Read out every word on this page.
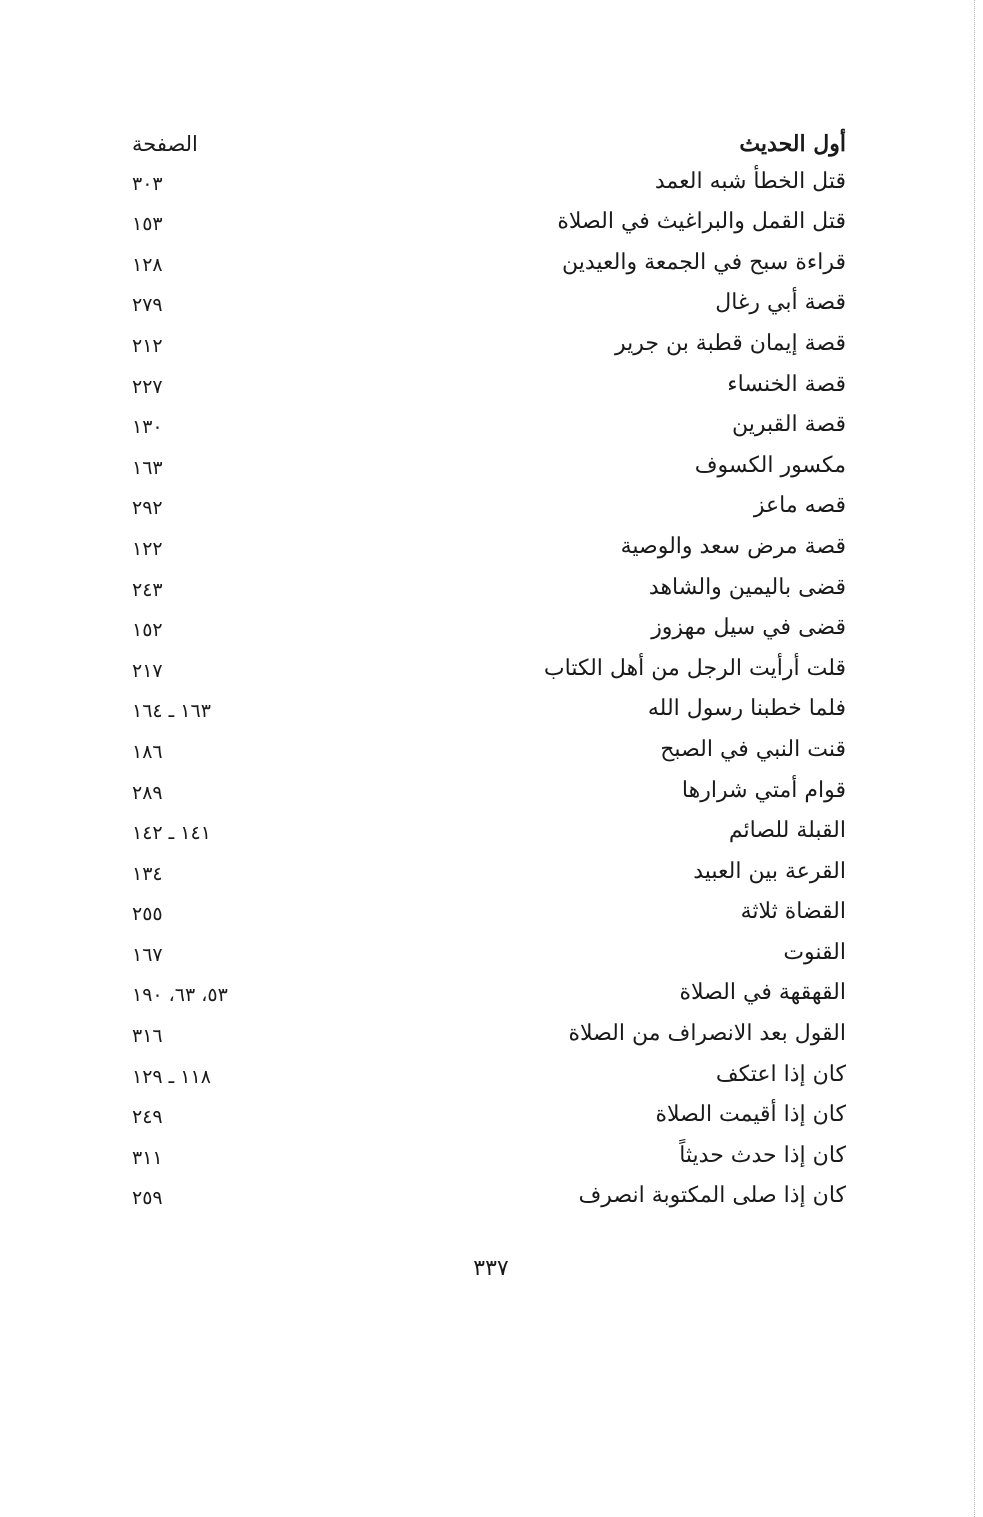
أول الحديث
الصفحة
قتل الخطأ شبه العمد
٣٠٣
قتل القمل والبراغيث في الصلاة
١٥٣
قراءة سبح في الجمعة والعيدين
١٢٨
قصة أبي رغال
٢٧٩
قصة إيمان قطبة بن جرير
٢١٢
قصة الخنساء
٢٢٧
قصة القبرين
١٣٠
مكسور الكسوف
١٦٣
قصه ماعز
٢٩٢
قصة مرض سعد والوصية
١٢٢
قضى باليمين والشاهد
٢٤٣
قضى في سيل مهزوز
١٥٢
قلت أرأيت الرجل من أهل الكتاب
٢١٧
فلما خطبنا رسول الله
١٦٣ ـ ١٦٤
قنت النبي في الصبح
١٨٦
قوام أمتي شرارها
٢٨٩
القبلة للصائم
١٤١ ـ ١٤٢
القرعة بين العبيد
١٣٤
القضاة ثلاثة
٢٥٥
القنوت
١٦٧
القهقهة في الصلاة
٥٣، ٦٣، ١٩٠
القول بعد الانصراف من الصلاة
٣١٦
كان إذا اعتكف
١١٨ ـ ١٢٩
كان إذا أقيمت الصلاة
٢٤٩
كان إذا حدث حديثاً
٣١١
كان إذا صلى المكتوبة انصرف
٢٥٩
٣٣٧
